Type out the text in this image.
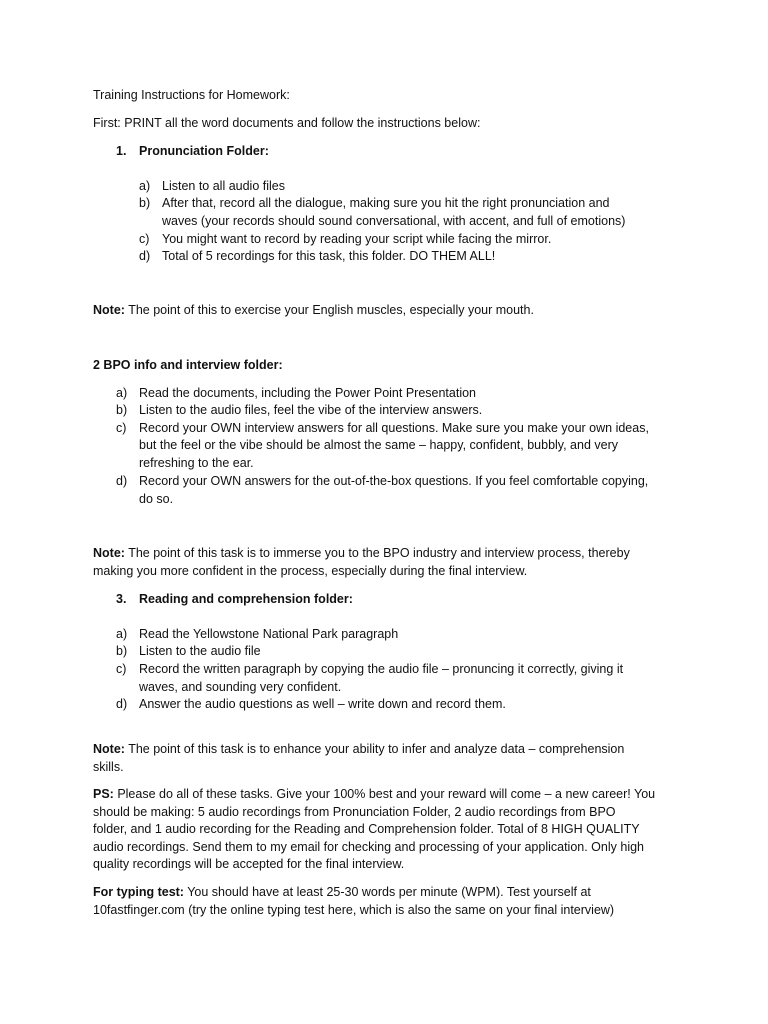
Training Instructions for Homework:

First: PRINT all the word documents and follow the instructions below:

1. Pronunciation Folder:
a) Listen to all audio files
b) After that, record all the dialogue, making sure you hit the right pronunciation and
waves (your records should sound conversational, with accent, and full of emotions)
c) You might want to record by reading your script while facing the mirror.
d) Total of 5 recordings for this task, this folder. DO THEM ALL!

Note: The point of this to exercise your English muscles, especially your mouth.

2 BPO info and interview folder:

a) Read the documents, including the Power Point Presentation
b) Listen to the audio files, feel the vibe of the interview answers.
c) Record your OWN interview answers for all questions. Make sure you make your own ideas,
but the feel or the vibe should be almost the same – happy, confident, bubbly, and very
refreshing to the ear.
d) Record your OWN answers for the out-of-the-box questions. If you feel comfortable copying,
do so.

Note: The point of this task is to immerse you to the BPO industry and interview process, thereby

making you more confident in the process, especially during the final interview.

3. Reading and comprehension folder:
a) Read the Yellowstone National Park paragraph
b) Listen to the audio file
c) Record the written paragraph by copying the audio file – pronuncing it correctly, giving it
waves, and sounding very confident.
d) Answer the audio questions as well – write down and record them.

Note: The point of this task is to enhance your ability to infer and analyze data – comprehension

skills.

PS: Please do all of these tasks. Give your 100% best and your reward will come – a new career! You

should be making: 5 audio recordings from Pronunciation Folder, 2 audio recordings from BPO

folder, and 1 audio recording for the Reading and Comprehension folder. Total of 8 HIGH QUALITY

audio recordings. Send them to my email for checking and processing of your application. Only high

quality recordings will be accepted for the final interview.

For typing test: You should have at least 25-30 words per minute (WPM). Test yourself at

10fastfinger.com (try the online typing test here, which is also the same on your final interview)
